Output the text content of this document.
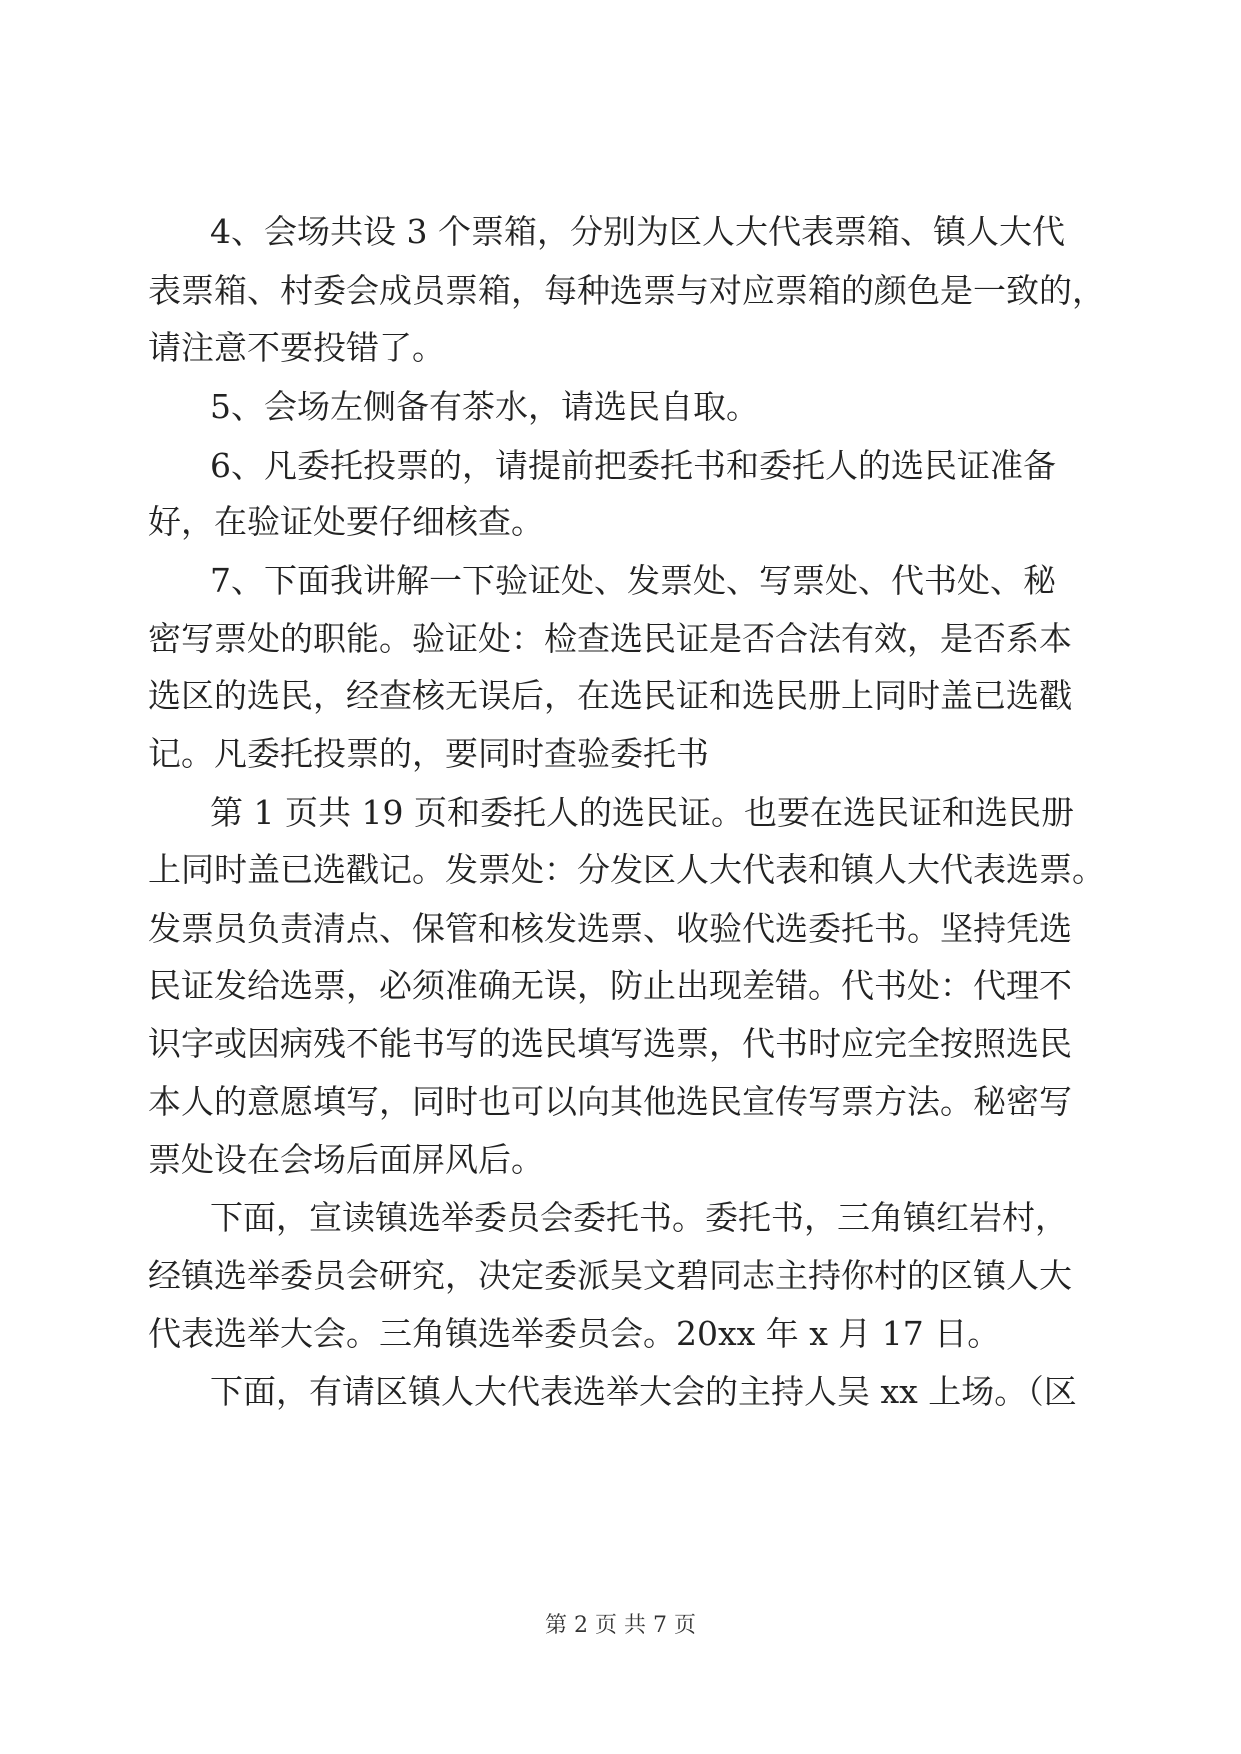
4、会场共设 3 个票箱，分别为区人大代表票箱、镇人大代
表票箱、村委会成员票箱，每种选票与对应票箱的颜色是一致的，
请注意不要投错了。
5、会场左侧备有茶水，请选民自取。
6、凡委托投票的，请提前把委托书和委托人的选民证准备
好，在验证处要仔细核查。
7、下面我讲解一下验证处、发票处、写票处、代书处、秘
密写票处的职能。验证处：检查选民证是否合法有效，是否系本
选区的选民，经查核无误后，在选民证和选民册上同时盖已选戳
记。凡委托投票的，要同时查验委托书
第 1 页共 19 页和委托人的选民证。也要在选民证和选民册
上同时盖已选戳记。发票处：分发区人大代表和镇人大代表选票。
发票员负责清点、保管和核发选票、收验代选委托书。坚持凭选
民证发给选票，必须准确无误，防止出现差错。代书处：代理不
识字或因病残不能书写的选民填写选票，代书时应完全按照选民
本人的意愿填写，同时也可以向其他选民宣传写票方法。秘密写
票处设在会场后面屏风后。
下面，宣读镇选举委员会委托书。委托书，三角镇红岩村，
经镇选举委员会研究，决定委派吴文碧同志主持你村的区镇人大
代表选举大会。三角镇选举委员会。20xx 年 x 月 17 日。
下面，有请区镇人大代表选举大会的主持人吴 xx 上场。（区
第 2 页 共 7 页
